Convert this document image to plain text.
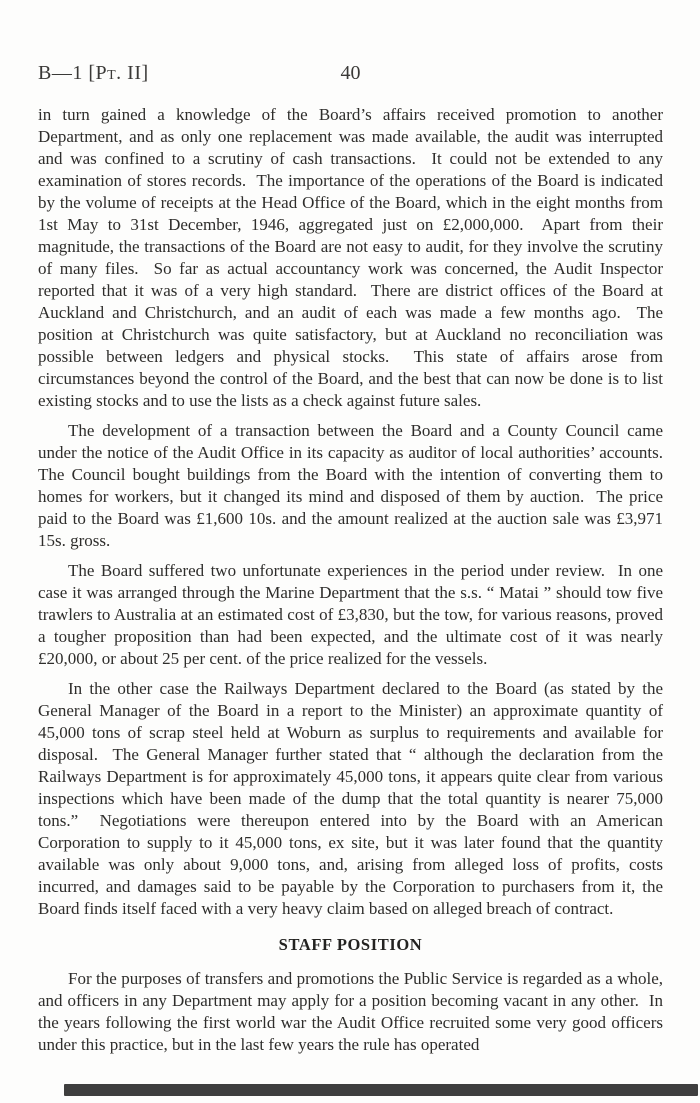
B—1 [Pt. II]	40

in turn gained a knowledge of the Board’s affairs received promotion to another Department, and as only one replacement was made available, the audit was interrupted and was confined to a scrutiny of cash transactions.  It could not be extended to any examination of stores records.  The importance of the operations of the Board is indicated by the volume of receipts at the Head Office of the Board, which in the eight months from 1st May to 31st December, 1946, aggregated just on £2,000,000.  Apart from their magnitude, the transactions of the Board are not easy to audit, for they involve the scrutiny of many files.  So far as actual accountancy work was concerned, the Audit Inspector reported that it was of a very high standard.  There are district offices of the Board at Auckland and Christchurch, and an audit of each was made a few months ago.  The position at Christchurch was quite satisfactory, but at Auckland no reconciliation was possible between ledgers and physical stocks.  This state of affairs arose from circumstances beyond the control of the Board, and the best that can now be done is to list existing stocks and to use the lists as a check against future sales.

The development of a transaction between the Board and a County Council came under the notice of the Audit Office in its capacity as auditor of local authorities’ accounts. The Council bought buildings from the Board with the intention of converting them to homes for workers, but it changed its mind and disposed of them by auction.  The price paid to the Board was £1,600 10s. and the amount realized at the auction sale was £3,971 15s. gross.

The Board suffered two unfortunate experiences in the period under review.  In one case it was arranged through the Marine Department that the s.s. “ Matai ” should tow five trawlers to Australia at an estimated cost of £3,830, but the tow, for various reasons, proved a tougher proposition than had been expected, and the ultimate cost of it was nearly £20,000, or about 25 per cent. of the price realized for the vessels.

In the other case the Railways Department declared to the Board (as stated by the General Manager of the Board in a report to the Minister) an approximate quantity of 45,000 tons of scrap steel held at Woburn as surplus to requirements and available for disposal.  The General Manager further stated that “ although the declaration from the Railways Department is for approximately 45,000 tons, it appears quite clear from various inspections which have been made of the dump that the total quantity is nearer 75,000 tons.”  Negotiations were thereupon entered into by the Board with an American Corporation to supply to it 45,000 tons, ex site, but it was later found that the quantity available was only about 9,000 tons, and, arising from alleged loss of profits, costs incurred, and damages said to be payable by the Corporation to purchasers from it, the Board finds itself faced with a very heavy claim based on alleged breach of contract.

STAFF POSITION

For the purposes of transfers and promotions the Public Service is regarded as a whole, and officers in any Department may apply for a position becoming vacant in any other.  In the years following the first world war the Audit Office recruited some very good officers under this practice, but in the last few years the rule has operated
